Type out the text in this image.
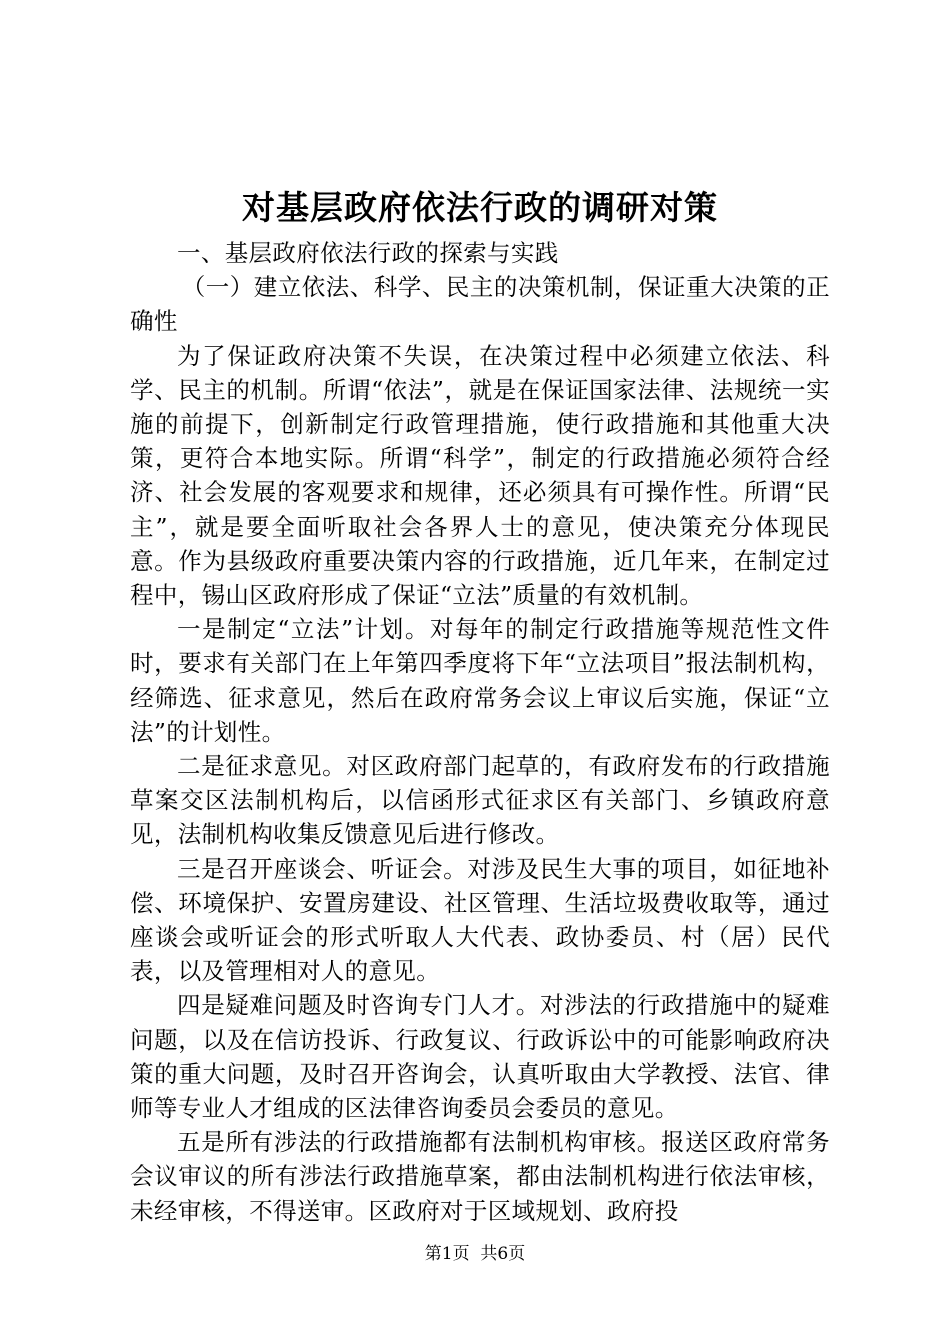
对基层政府依法行政的调研对策

一、基层政府依法行政的探索与实践

（一）建立依法、科学、民主的决策机制，保证重大决策的正确性

为了保证政府决策不失误，在决策过程中必须建立依法、科学、民主的机制。所谓“依法”，就是在保证国家法律、法规统一实施的前提下，创新制定行政管理措施，使行政措施和其他重大决策，更符合本地实际。所谓“科学”，制定的行政措施必须符合经济、社会发展的客观要求和规律，还必须具有可操作性。所谓“民主”，就是要全面听取社会各界人士的意见，使决策充分体现民意。作为县级政府重要决策内容的行政措施，近几年来，在制定过程中，锡山区政府形成了保证“立法”质量的有效机制。

一是制定“立法”计划。对每年的制定行政措施等规范性文件时，要求有关部门在上年第四季度将下年“立法项目”报法制机构，经筛选、征求意见，然后在政府常务会议上审议后实施，保证“立法”的计划性。

二是征求意见。对区政府部门起草的，有政府发布的行政措施草案交区法制机构后，以信函形式征求区有关部门、乡镇政府意见，法制机构收集反馈意见后进行修改。

三是召开座谈会、听证会。对涉及民生大事的项目，如征地补偿、环境保护、安置房建设、社区管理、生活垃圾费收取等，通过座谈会或听证会的形式听取人大代表、政协委员、村（居）民代表，以及管理相对人的意见。

四是疑难问题及时咨询专门人才。对涉法的行政措施中的疑难问题，以及在信访投诉、行政复议、行政诉讼中的可能影响政府决策的重大问题，及时召开咨询会，认真听取由大学教授、法官、律师等专业人才组成的区法律咨询委员会委员的意见。

五是所有涉法的行政措施都有法制机构审核。报送区政府常务会议审议的所有涉法行政措施草案，都由法制机构进行依法审核，未经审核，不得送审。区政府对于区域规划、政府投

第1页 共6页
